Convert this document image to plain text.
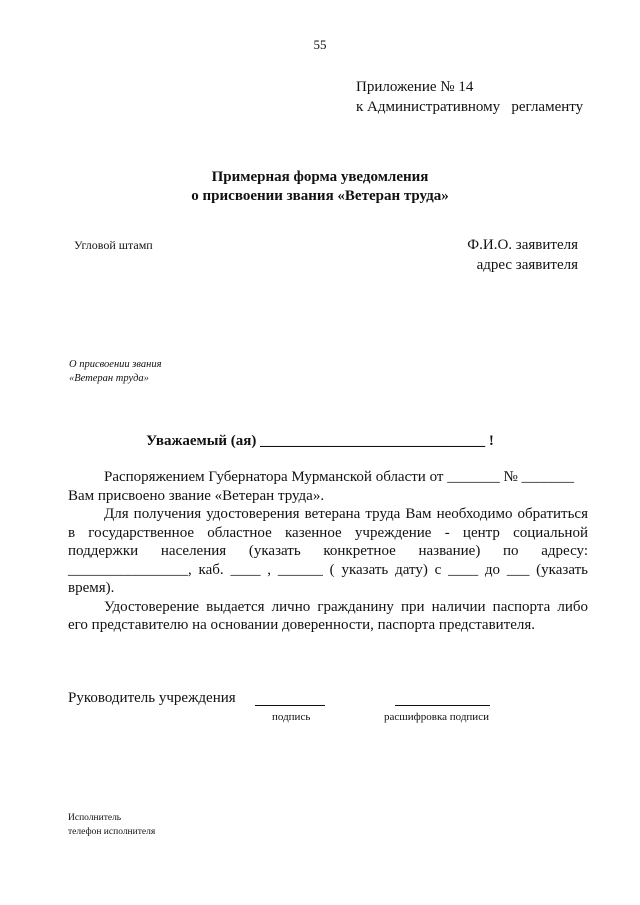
55
Приложение № 14
к Административному   регламенту
Примерная форма уведомления
о присвоении звания «Ветеран труда»
Угловой штамп	Ф.И.О. заявителя
адрес заявителя
О присвоении звания
«Ветеран труда»
Уважаемый (ая) ______________________________ !

Распоряжением Губернатора Мурманской области от _______ № _______

Вам присвоено звание «Ветеран труда».

Для получения удостоверения ветерана труда Вам необходимо обратиться в государственное областное казенное учреждение - центр социальной поддержки населения (указать конкретное название) по адресу: ________________, каб. ____ , ______ ( указать дату) с ____ до ___ (указать время).

Удостоверение выдается лично гражданину при наличии паспорта либо его представителю на основании доверенности, паспорта представителя.

Руководитель учреждения
подпись	расшифровка подписи
Исполнитель
телефон исполнителя
